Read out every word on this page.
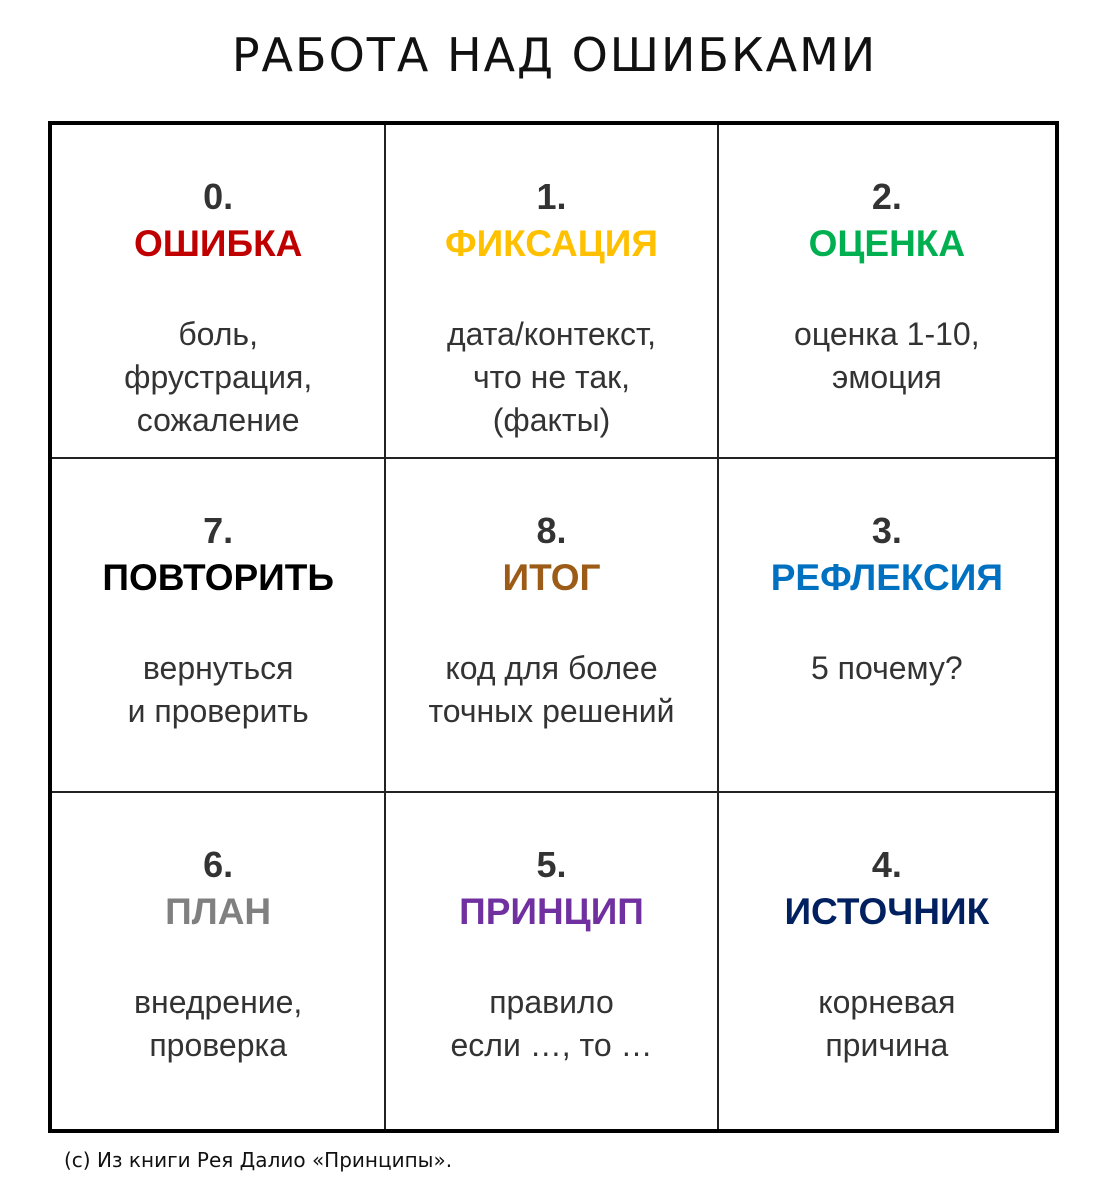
РАБОТА НАД ОШИБКАМИ
0.
ОШИБКА
боль,
фрустрация,
сожаление
1.
ФИКСАЦИЯ
дата/контекст,
что не так,
(факты)
2.
ОЦЕНКА
оценка 1-10,
эмоция
7.
ПОВТОРИТЬ
вернуться
и проверить
8.
ИТОГ
код для более
точных решений
3.
РЕФЛЕКСИЯ
5 почему?
6.
ПЛАН
внедрение,
проверка
5.
ПРИНЦИП
правило
если …, то …
4.
ИСТОЧНИК
корневая
причина

(с) Из книги Рея Далио «Принципы».
